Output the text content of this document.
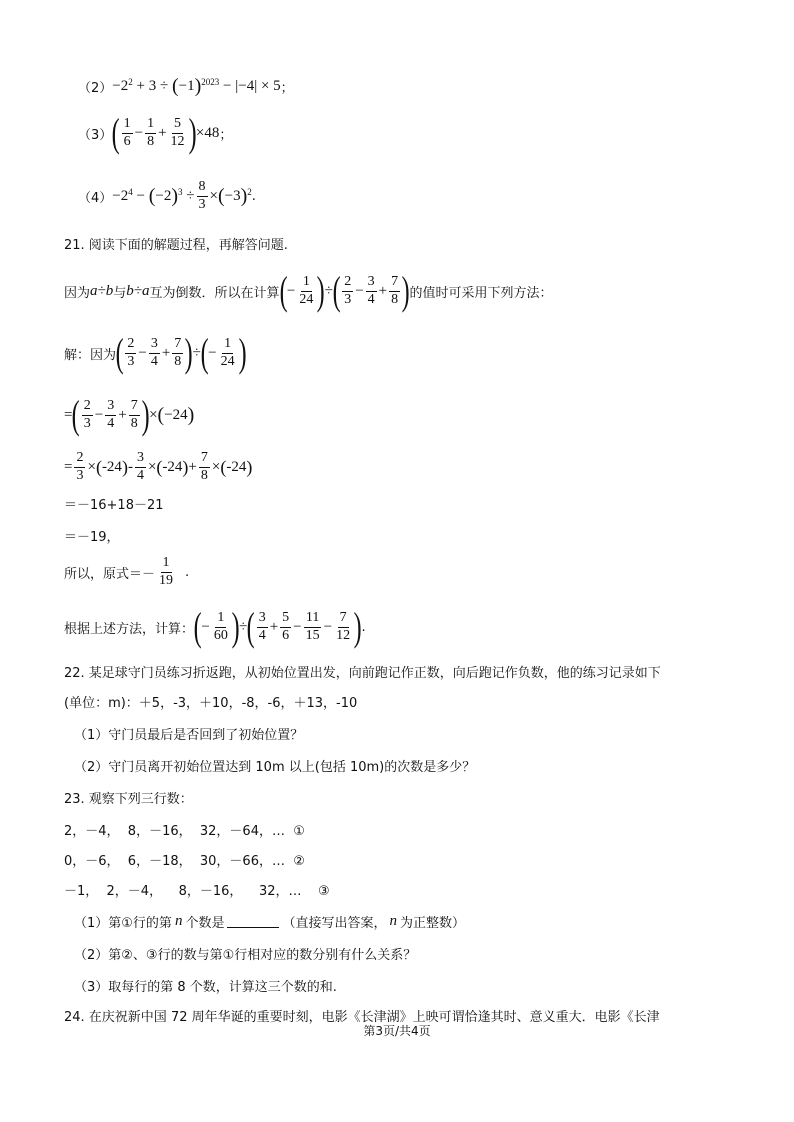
（2） −2 2 + 3 ÷ ( −1 ) 2023 − |−4| × 5 ；
（3） ( $\frac{1}{6} - \frac{1}{8} + \frac{5}{12}$ ) ×48 ；
（4） −2 4 − ( −2 ) $3 \div \frac{8}{3}$ × ( −3 ) 2 .
21. 阅读下面的解题过程，再解答问题.
因为 a÷b 与 b÷a 互为倒数．所以在计算 ( − $\frac{1}{24}$ ) ÷ ( $\frac{2}{3} - \frac{3}{4} + \frac{7}{8}$ ) 的值时可采用下列方法：
解：因为 ( $\frac{2}{3} - \frac{3}{4} + \frac{7}{8}$ ) ÷ ( − $\frac{1}{24}$ )
= ( $\frac{2}{3} - \frac{3}{4} + \frac{7}{8}$ ) × ( −24 )
= $\frac{2}{3}$ × ( -24 ) - $\frac{3}{4}$ × ( -24 ) + $\frac{7}{8}$ × ( -24 )
＝－16+18－21
＝－19，
所以，原式＝－ $\frac{1}{19}$ .
根据上述方法，计算： ( − $\frac{1}{60}$ ) ÷ ( $\frac{3}{4} + \frac{5}{6} - \frac{11}{15} - \frac{7}{12}$ ) .
22. 某足球守门员练习折返跑，从初始位置出发，向前跑记作正数，向后跑记作负数，他的练习记录如下
(单位：m)：＋5，-3，＋10，-8，-6，＋13，-10
（1）守门员最后是否回到了初始位置？
（2）守门员离开初始位置达到 10m 以上(包括 10m)的次数是多少？
23. 观察下列三行数：
2，－4，  8，－16，  32，－64，…  ①
0，－6，  6，－18，  30，－66，…  ②
－1，  2，－4，    8，－16，    32，…    ③
（1）第①行的第 n 个数是	（直接写出答案， n 为正整数）
（2）第②、③行的数与第①行相对应的数分别有什么关系？
（3）取每行的第 8 个数，计算这三个数的和.
24. 在庆祝新中国 72 周年华诞的重要时刻，电影《长津湖》上映可谓恰逢其时、意义重大．电影《长津
第3页/共4页
